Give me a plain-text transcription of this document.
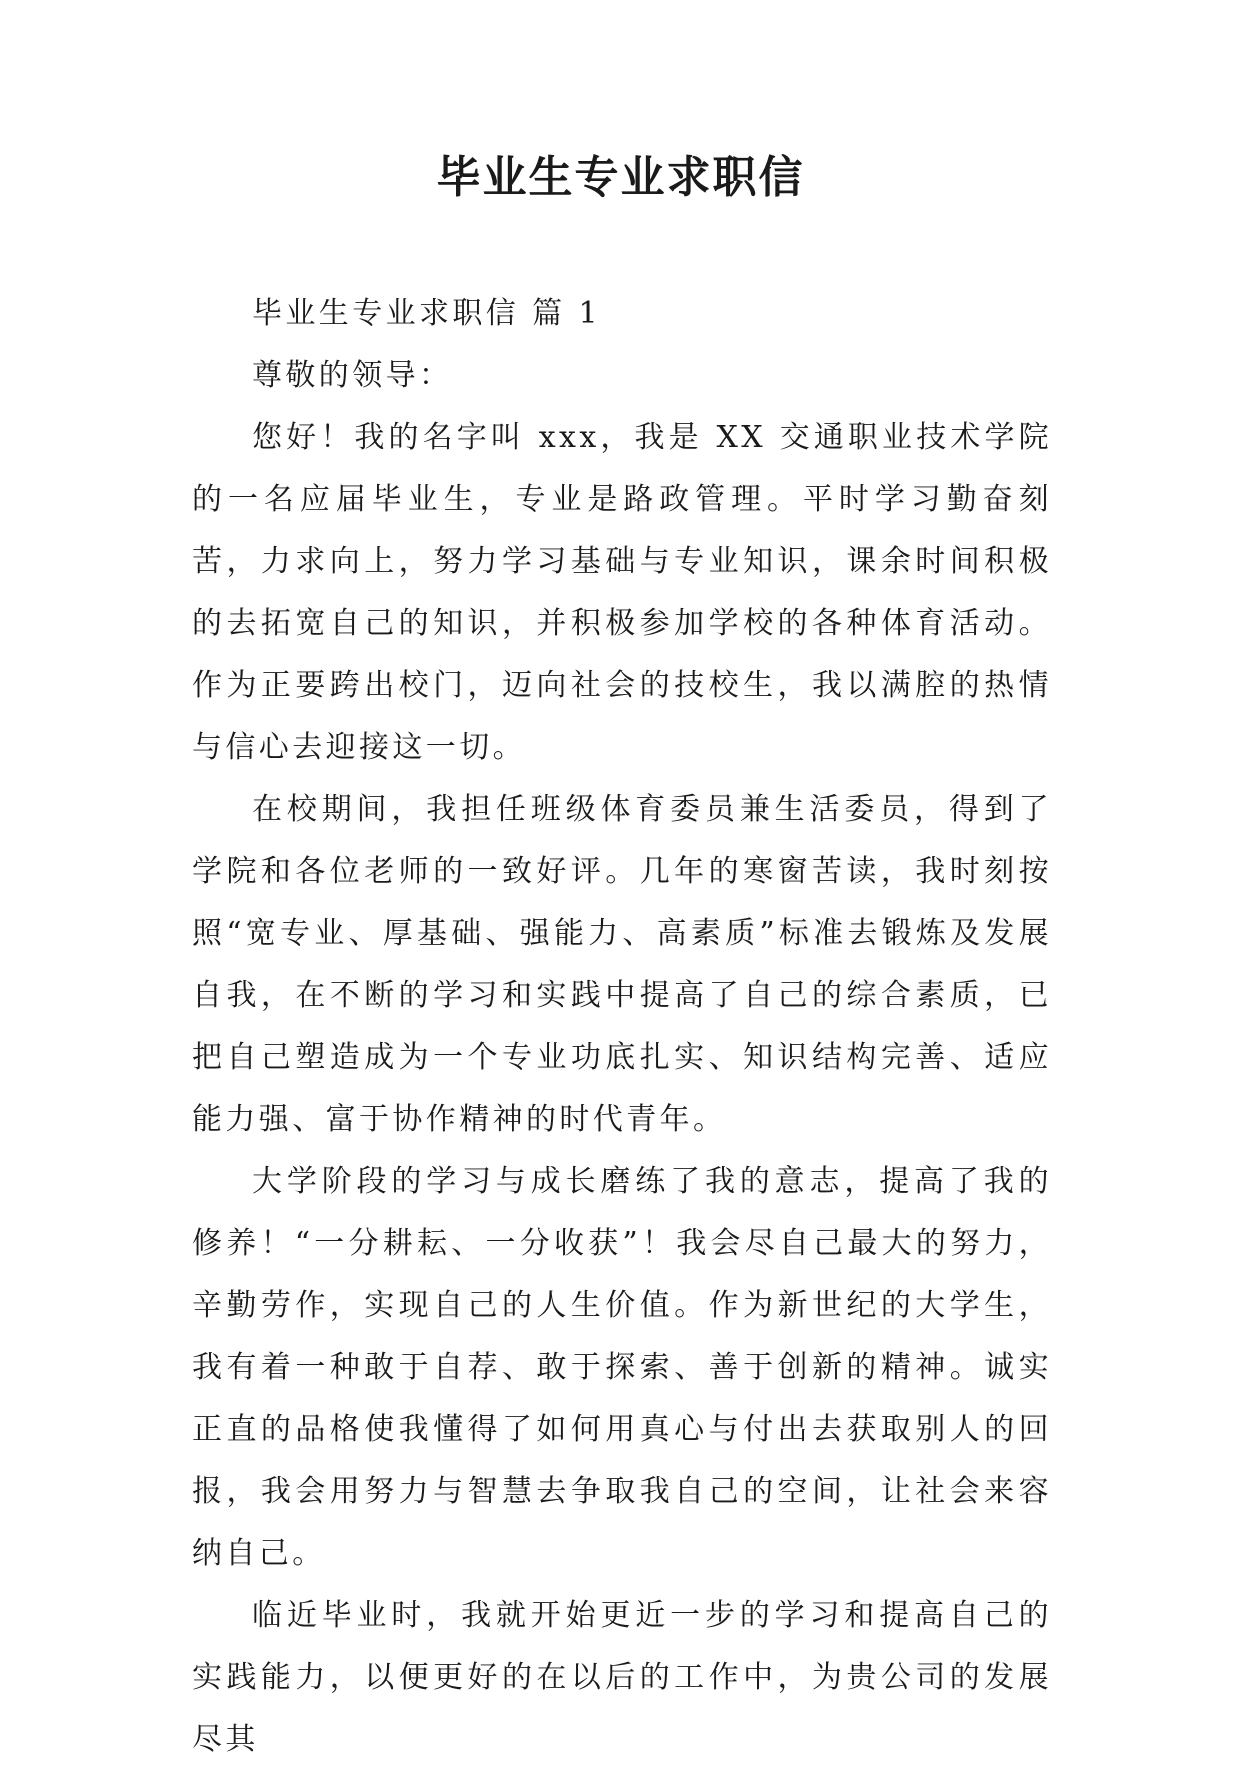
毕业生专业求职信

毕业生专业求职信 篇 1

尊敬的领导：

您好！我的名字叫 xxx，我是 XX 交通职业技术学院的一名应届毕业生，专业是路政管理。平时学习勤奋刻苦，力求向上，努力学习基础与专业知识，课余时间积极的去拓宽自己的知识，并积极参加学校的各种体育活动。作为正要跨出校门，迈向社会的技校生，我以满腔的热情与信心去迎接这一切。

在校期间，我担任班级体育委员兼生活委员，得到了学院和各位老师的一致好评。几年的寒窗苦读，我时刻按照“宽专业、厚基础、强能力、高素质”标准去锻炼及发展自我，在不断的学习和实践中提高了自己的综合素质，已把自己塑造成为一个专业功底扎实、知识结构完善、适应能力强、富于协作精神的时代青年。

大学阶段的学习与成长磨练了我的意志，提高了我的修养！“一分耕耘、一分收获”！我会尽自己最大的努力，辛勤劳作，实现自己的人生价值。作为新世纪的大学生，我有着一种敢于自荐、敢于探索、善于创新的精神。诚实正直的品格使我懂得了如何用真心与付出去获取别人的回报，我会用努力与智慧去争取我自己的空间，让社会来容纳自己。

临近毕业时，我就开始更近一步的学习和提高自己的实践能力，以便更好的在以后的工作中，为贵公司的发展尽其
